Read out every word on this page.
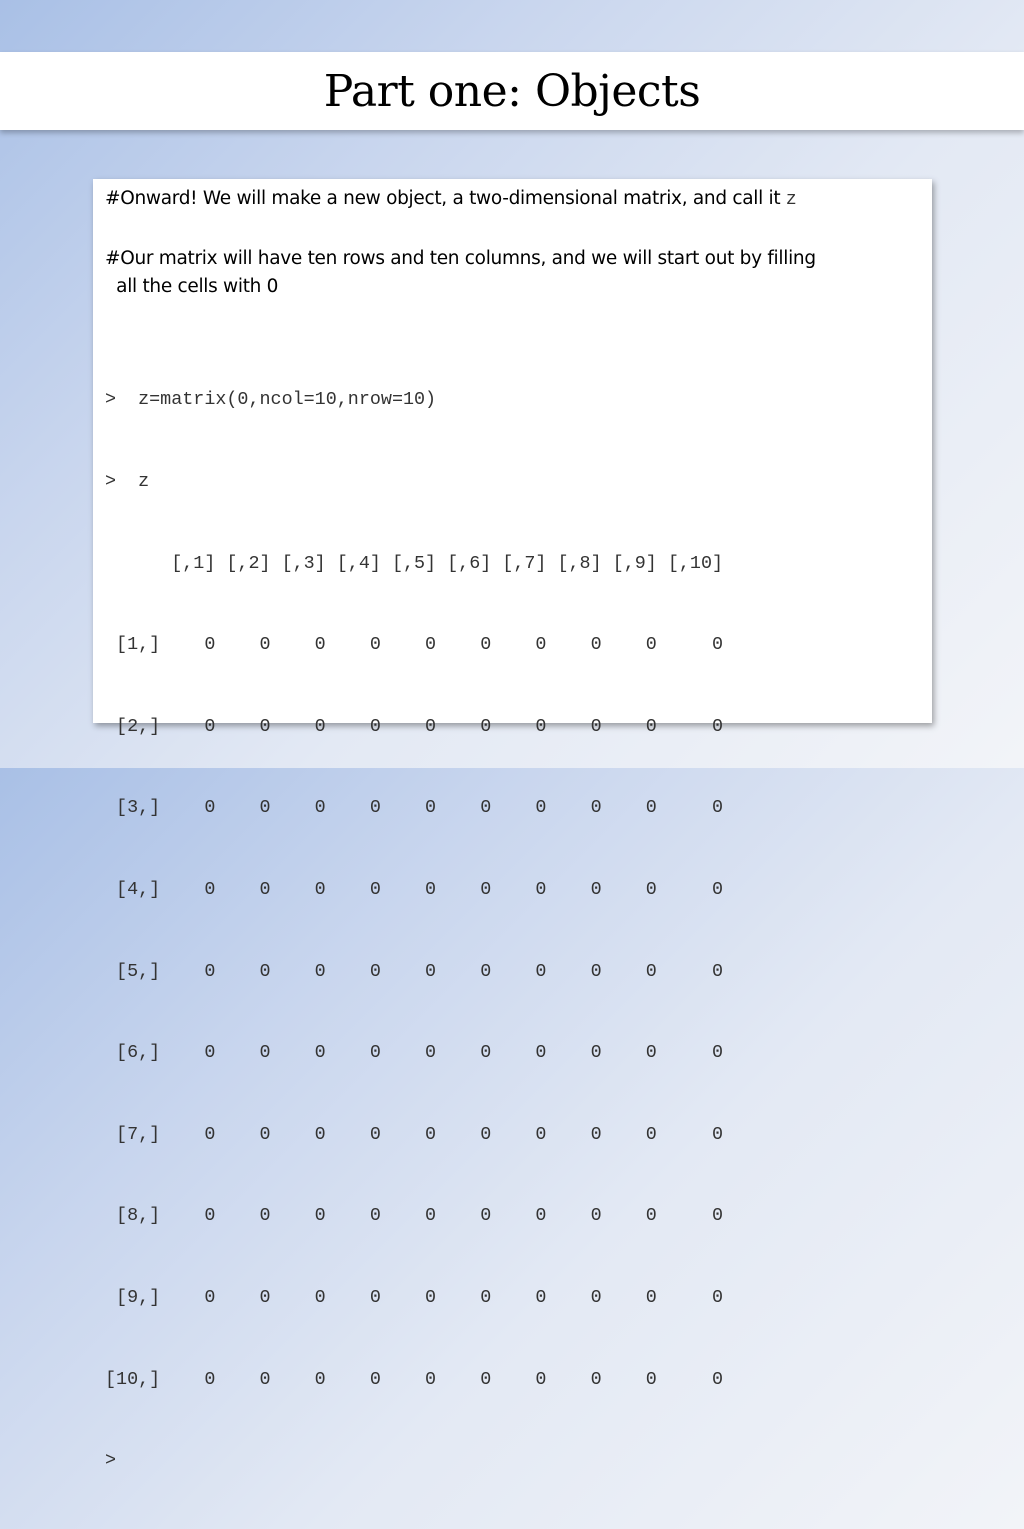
Part one: Objects
#Onward! We will make a new object, a two-dimensional matrix, and call it z
#Our matrix will have ten rows and ten columns, and we will start out by filling
all the cells with 0

>  z=matrix(0,ncol=10,nrow=10)

>  z

[,1] [,2] [,3] [,4] [,5] [,6] [,7] [,8] [,9] [,10]

[1,]    0    0    0    0    0    0    0    0    0     0

[2,]    0    0    0    0    0    0    0    0    0     0

[3,]    0    0    0    0    0    0    0    0    0     0

[4,]    0    0    0    0    0    0    0    0    0     0

[5,]    0    0    0    0    0    0    0    0    0     0

[6,]    0    0    0    0    0    0    0    0    0     0

[7,]    0    0    0    0    0    0    0    0    0     0

[8,]    0    0    0    0    0    0    0    0    0     0

[9,]    0    0    0    0    0    0    0    0    0     0

[10,]    0    0    0    0    0    0    0    0    0     0

>
